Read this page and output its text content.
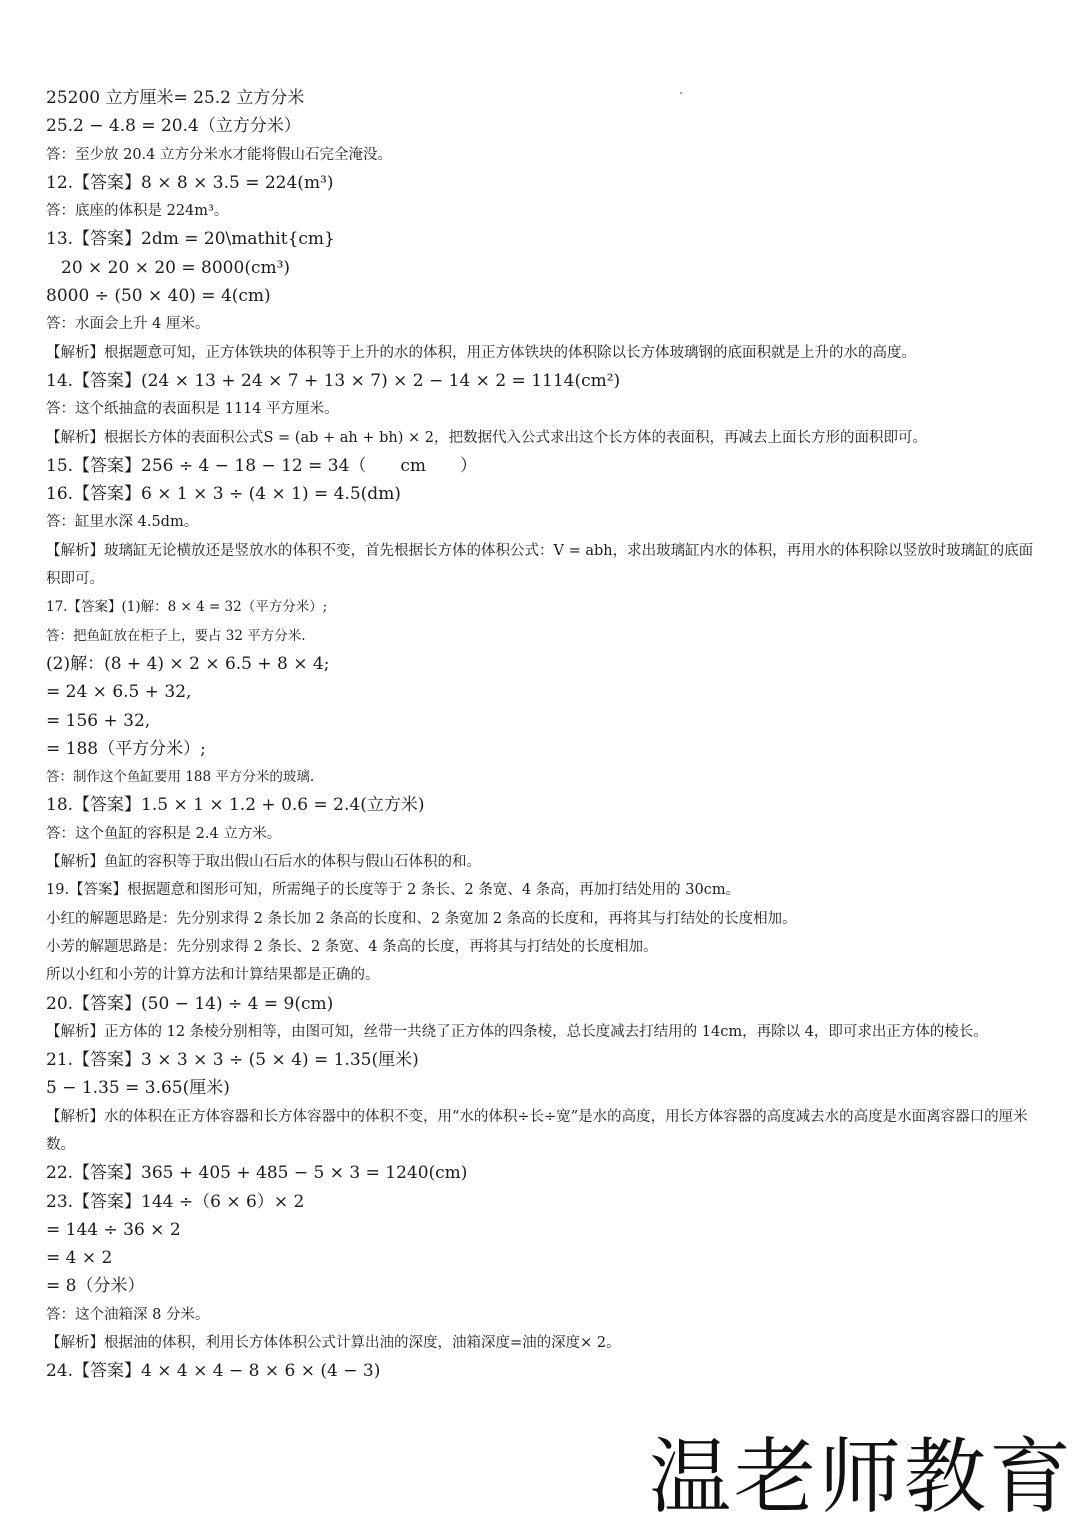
25200 立方厘米= 25.2 立方分米
25.2 − 4.8 = 20.4（立方分米）
答：至少放 20.4 立方分米水才能将假山石完全淹没。
12.【答案】8 × 8 × 3.5 = 224(m³)
答：底座的体积是 224m³。
13.【答案】2dm = 20\mathit{cm}
20 × 20 × 20 = 8000(cm³)
8000 ÷ (50 × 40) = 4(cm)
答：水面会上升 4 厘米。
【解析】根据题意可知，正方体铁块的体积等于上升的水的体积，用正方体铁块的体积除以长方体玻璃钢的底面积就是上升的水的高度。
14.【答案】(24 × 13 + 24 × 7 + 13 × 7) × 2 − 14 × 2 = 1114(cm²)
答：这个纸抽盒的表面积是 1114 平方厘米。
【解析】根据长方体的表面积公式S = (ab + ah + bh) × 2，把数据代入公式求出这个长方体的表面积，再减去上面长方形的面积即可。
15.【答案】256 ÷ 4 − 18 − 12 = 34（　　cm　　）
16.【答案】6 × 1 × 3 ÷ (4 × 1) = 4.5(dm)
答：缸里水深 4.5dm。
【解析】玻璃缸无论横放还是竖放水的体积不变，首先根据长方体的体积公式：V = abh，求出玻璃缸内水的体积，再用水的体积除以竖放时玻璃缸的底面积即可。
17.【答案】(1)解：8 × 4 = 32（平方分米）;
答：把鱼缸放在柜子上，要占 32 平方分米.
(2)解：(8 + 4) × 2 × 6.5 + 8 × 4;
= 24 × 6.5 + 32,
= 156 + 32,
= 188（平方分米）;
答：制作这个鱼缸要用 188 平方分米的玻璃.
18.【答案】1.5 × 1 × 1.2 + 0.6 = 2.4(立方米)
答：这个鱼缸的容积是 2.4 立方米。
【解析】鱼缸的容积等于取出假山石后水的体积与假山石体积的和。
19.【答案】根据题意和图形可知，所需绳子的长度等于 2 条长、2 条宽、4 条高，再加打结处用的 30cm。
小红的解题思路是：先分别求得 2 条长加 2 条高的长度和、2 条宽加 2 条高的长度和，再将其与打结处的长度相加。
小芳的解题思路是：先分别求得 2 条长、2 条宽、4 条高的长度，再将其与打结处的长度相加。
所以小红和小芳的计算方法和计算结果都是正确的。
20.【答案】(50 − 14) ÷ 4 = 9(cm)
【解析】正方体的 12 条棱分别相等，由图可知，丝带一共绕了正方体的四条棱，总长度减去打结用的 14cm，再除以 4，即可求出正方体的棱长。
21.【答案】3 × 3 × 3 ÷ (5 × 4) = 1.35(厘米)
5 − 1.35 = 3.65(厘米)
【解析】水的体积在正方体容器和长方体容器中的体积不变，用“水的体积÷长÷宽”是水的高度，用长方体容器的高度减去水的高度是水面离容器口的厘米数。
22.【答案】365 + 405 + 485 − 5 × 3 = 1240(cm)
23.【答案】144 ÷（6 × 6）× 2
= 144 ÷ 36 × 2
= 4 × 2
= 8（分米）
答：这个油箱深 8 分米。
【解析】根据油的体积，利用长方体体积公式计算出油的深度，油箱深度=油的深度× 2。
24.【答案】4 × 4 × 4 − 8 × 6 × (4 − 3)
温老师教育
